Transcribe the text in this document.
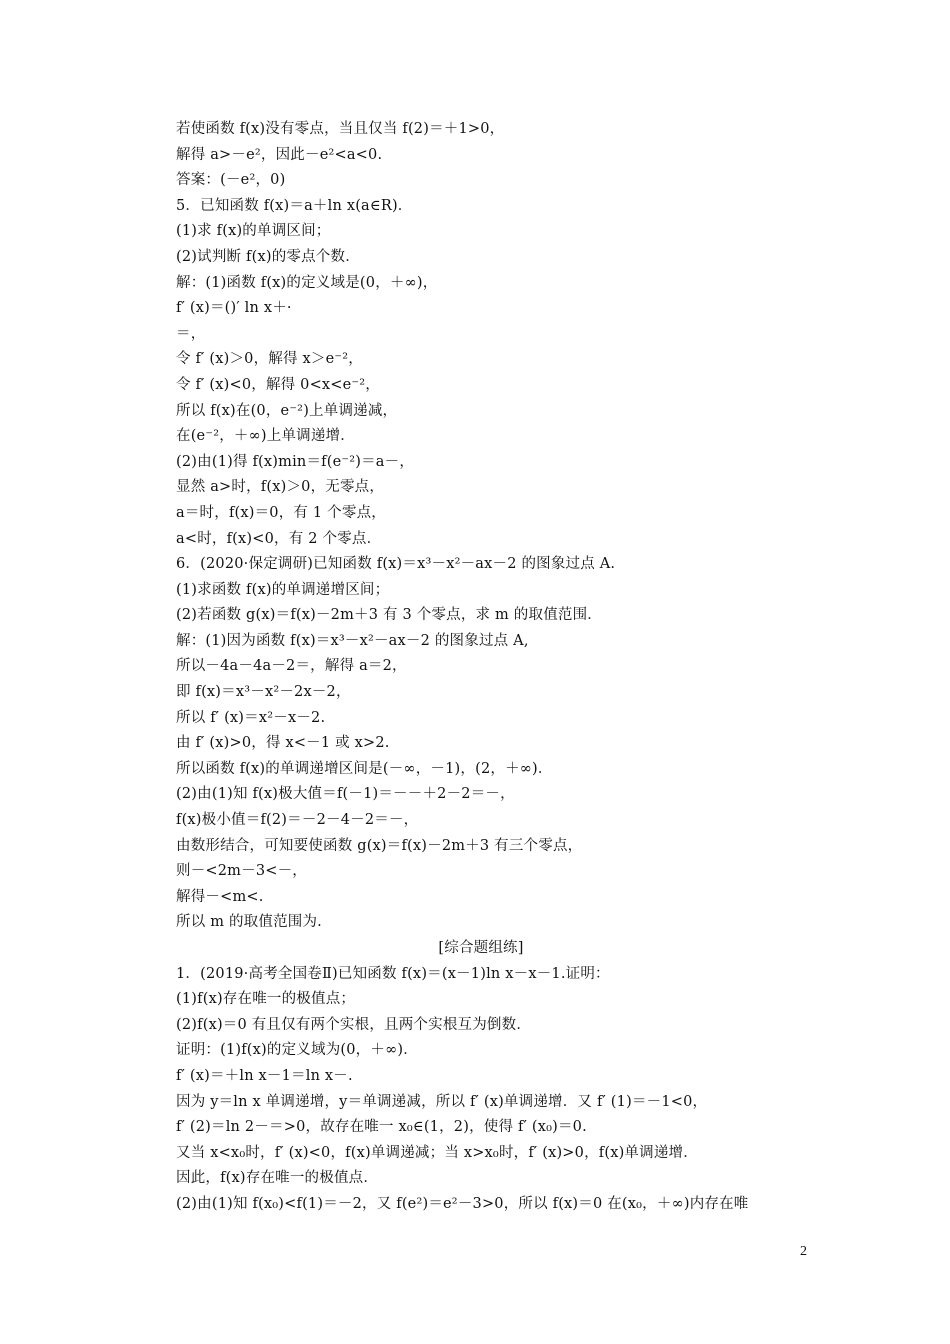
若使函数 f(x)没有零点，当且仅当 f(2)＝＋1>0，
解得 a>－e²，因此－e²<a<0.
答案：(－e²，0)
5．已知函数 f(x)＝a＋ln x(a∈R)．
(1)求 f(x)的单调区间；
(2)试判断 f(x)的零点个数．
解：(1)函数 f(x)的定义域是(0，＋∞)，
f′ (x)＝()′ ln x＋·
＝，
令 f′ (x)＞0，解得 x＞e⁻²，
令 f′ (x)<0，解得 0<x<e⁻²，
所以 f(x)在(0，e⁻²)上单调递减，
在(e⁻²，＋∞)上单调递增．
(2)由(1)得 f(x)min＝f(e⁻²)＝a－，
显然 a>时，f(x)＞0，无零点，
a＝时，f(x)＝0，有 1 个零点，
a<时，f(x)<0，有 2 个零点．
6．(2020·保定调研)已知函数 f(x)＝x³－x²－ax－2 的图象过点 A.
(1)求函数 f(x)的单调递增区间；
(2)若函数 g(x)＝f(x)－2m＋3 有 3 个零点，求 m 的取值范围．
解：(1)因为函数 f(x)＝x³－x²－ax－2 的图象过点 A,
所以－4a－4a－2＝，解得 a＝2，
即 f(x)＝x³－x²－2x－2，
所以 f′ (x)＝x²－x－2.
由 f′ (x)>0，得 x<－1 或 x>2.
所以函数 f(x)的单调递增区间是(－∞，－1)，(2，＋∞)．
(2)由(1)知 f(x)极大值＝f(－1)＝－－＋2－2＝－，
f(x)极小值＝f(2)＝－2－4－2＝－，
由数形结合，可知要使函数 g(x)＝f(x)－2m＋3 有三个零点，
则－<2m－3<－，
解得－<m<.
所以 m 的取值范围为.
[综合题组练]
1．(2019·高考全国卷Ⅱ)已知函数 f(x)＝(x－1)ln x－x－1.证明：
(1)f(x)存在唯一的极值点；
(2)f(x)＝0 有且仅有两个实根，且两个实根互为倒数．
证明：(1)f(x)的定义域为(0，＋∞)．
f′ (x)＝＋ln x－1＝ln x－.
因为 y＝ln x 单调递增，y＝单调递减，所以 f′ (x)单调递增．又 f′ (1)＝－1<0，
f′ (2)＝ln 2－＝>0，故存在唯一 x₀∈(1，2)，使得 f′ (x₀)＝0.
又当 x<x₀时，f′ (x)<0，f(x)单调递减；当 x>x₀时，f′ (x)>0，f(x)单调递增．
因此，f(x)存在唯一的极值点．
(2)由(1)知 f(x₀)<f(1)＝－2，又 f(e²)＝e²－3>0，所以 f(x)＝0 在(x₀，＋∞)内存在唯
2
